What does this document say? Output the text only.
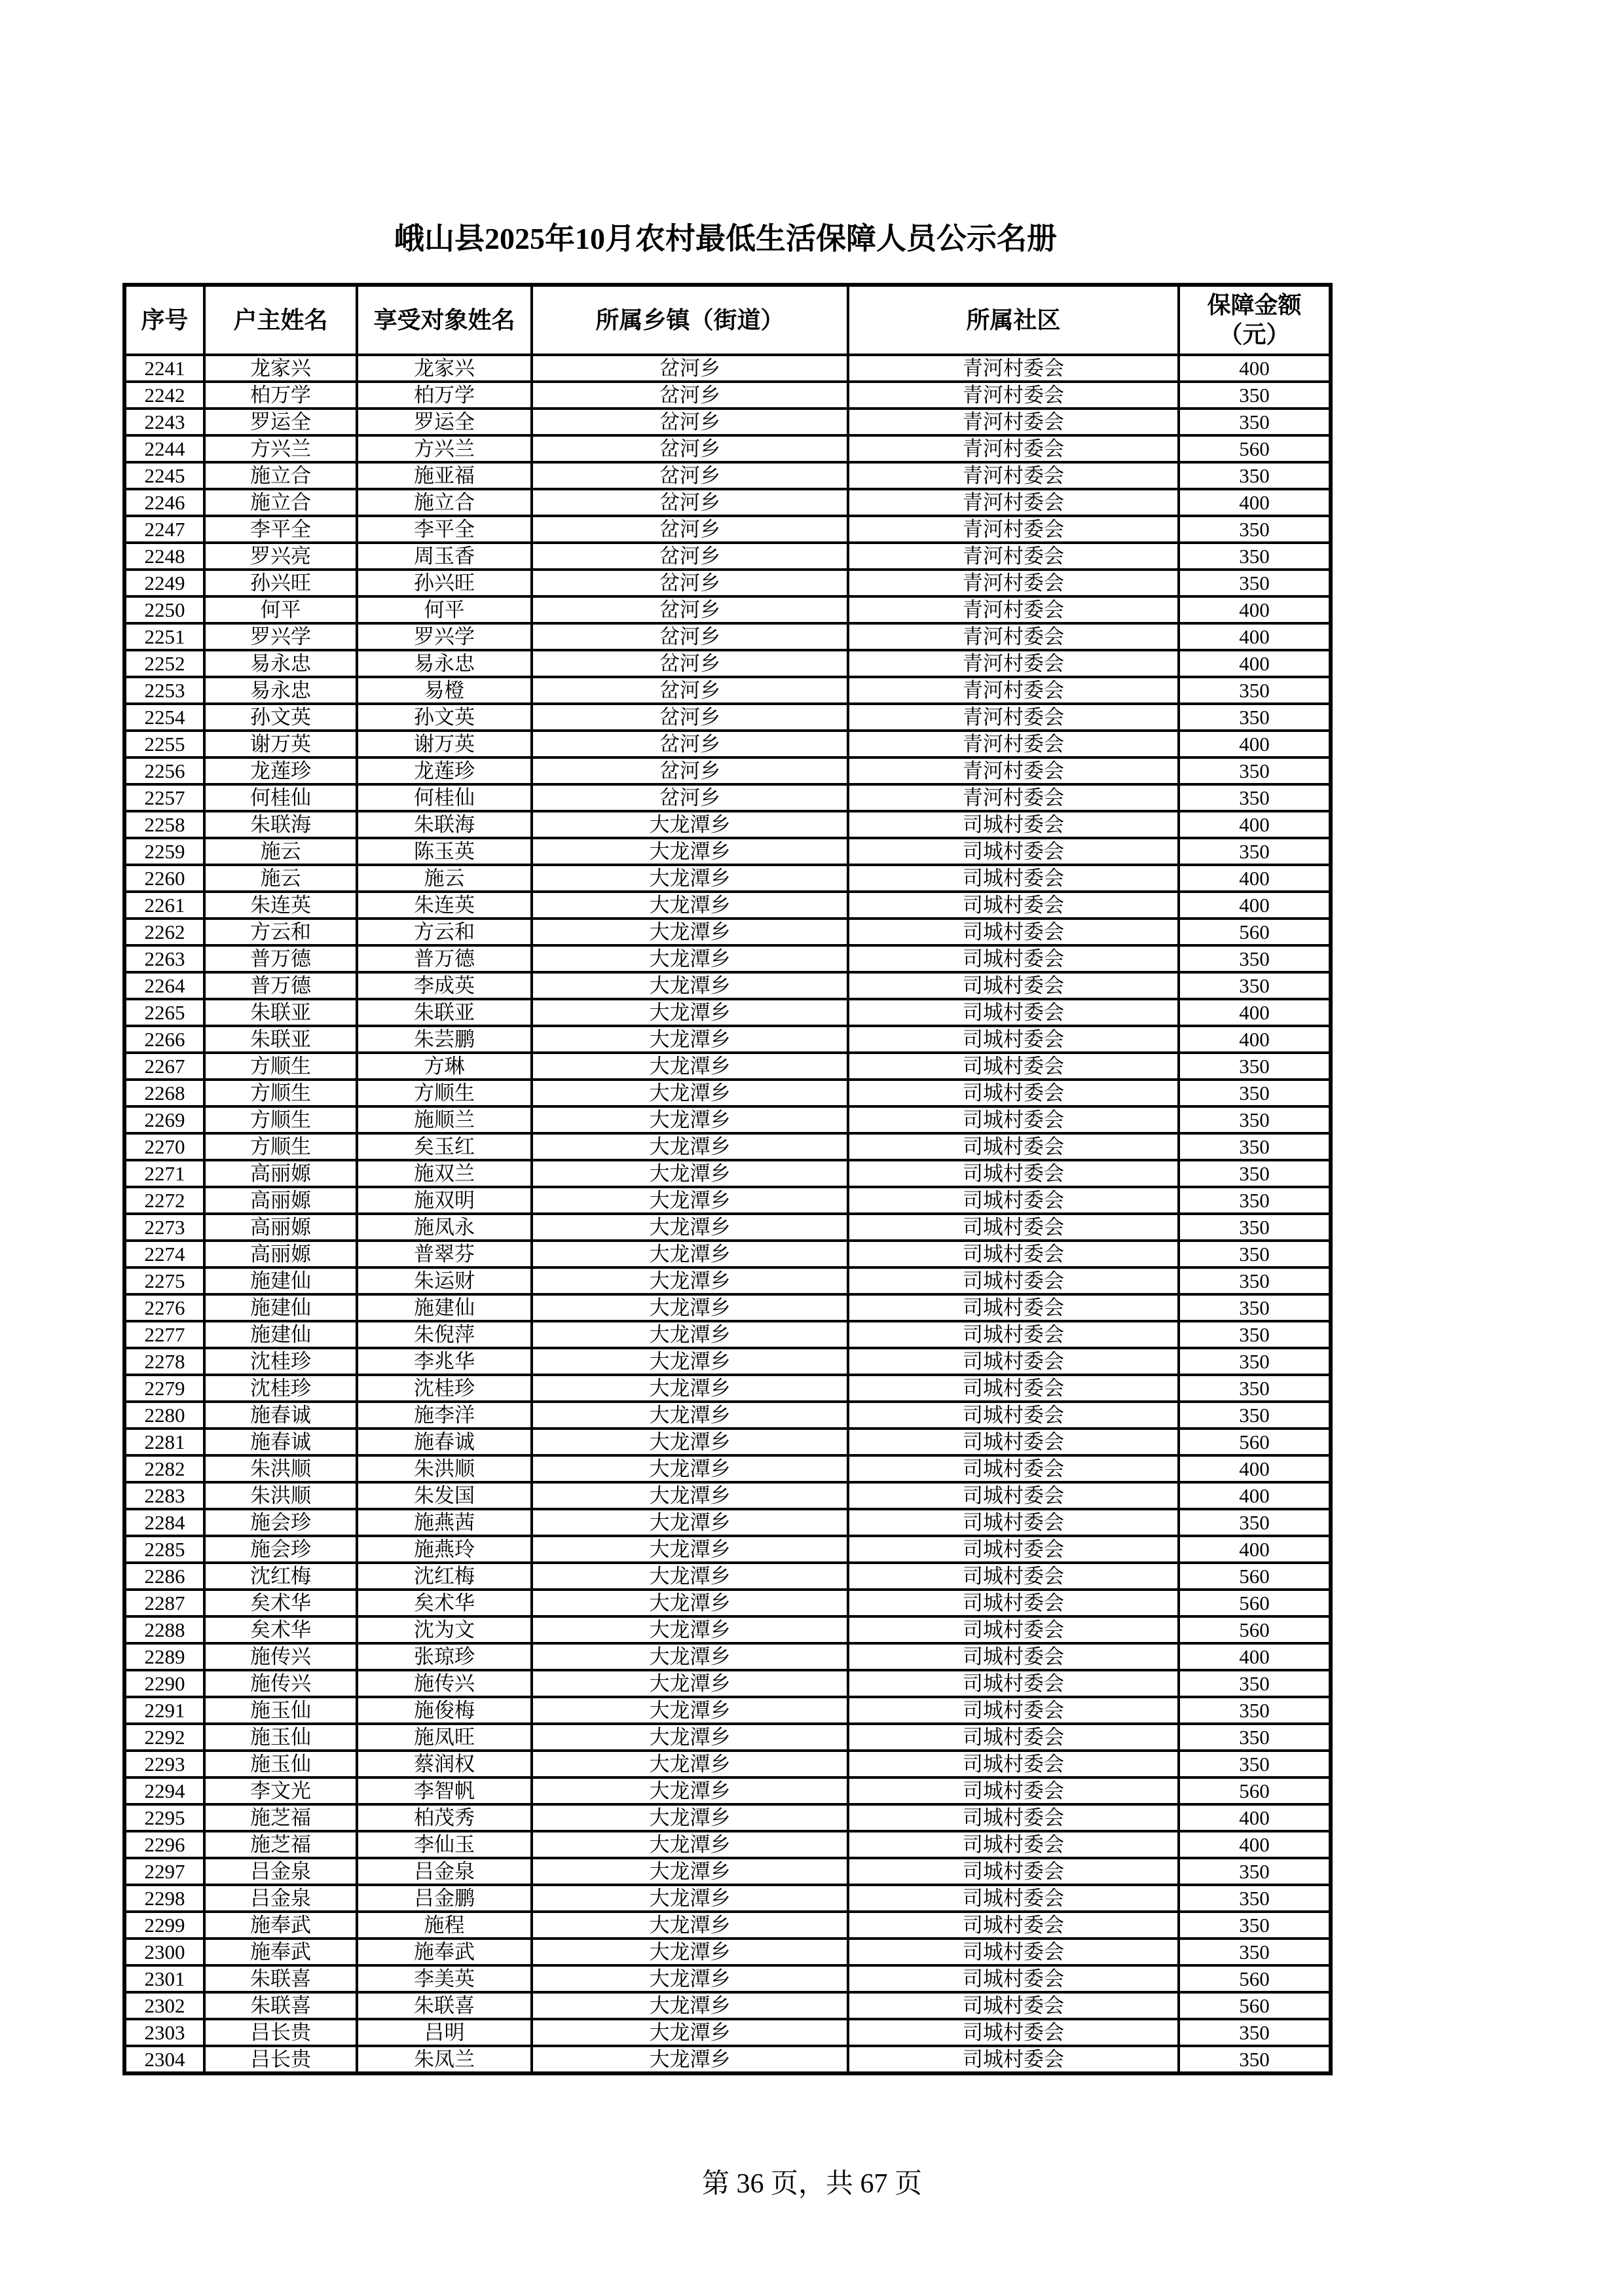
峨山县2025年10月农村最低生活保障人员公示名册
序号	户主姓名	享受对象姓名	所属乡镇（街道）	所属社区	保障金额
（元）

2241	龙家兴	龙家兴	岔河乡	青河村委会	400
2242	柏万学	柏万学	岔河乡	青河村委会	350
2243	罗运全	罗运全	岔河乡	青河村委会	350
2244	方兴兰	方兴兰	岔河乡	青河村委会	560
2245	施立合	施亚福	岔河乡	青河村委会	350
2246	施立合	施立合	岔河乡	青河村委会	400
2247	李平全	李平全	岔河乡	青河村委会	350
2248	罗兴亮	周玉香	岔河乡	青河村委会	350
2249	孙兴旺	孙兴旺	岔河乡	青河村委会	350
2250	何平	何平	岔河乡	青河村委会	400
2251	罗兴学	罗兴学	岔河乡	青河村委会	400
2252	易永忠	易永忠	岔河乡	青河村委会	400
2253	易永忠	易橙	岔河乡	青河村委会	350
2254	孙文英	孙文英	岔河乡	青河村委会	350
2255	谢万英	谢万英	岔河乡	青河村委会	400
2256	龙莲珍	龙莲珍	岔河乡	青河村委会	350
2257	何桂仙	何桂仙	岔河乡	青河村委会	350
2258	朱联海	朱联海	大龙潭乡	司城村委会	400
2259	施云	陈玉英	大龙潭乡	司城村委会	350
2260	施云	施云	大龙潭乡	司城村委会	400
2261	朱连英	朱连英	大龙潭乡	司城村委会	400
2262	方云和	方云和	大龙潭乡	司城村委会	560
2263	普万德	普万德	大龙潭乡	司城村委会	350
2264	普万德	李成英	大龙潭乡	司城村委会	350
2265	朱联亚	朱联亚	大龙潭乡	司城村委会	400
2266	朱联亚	朱芸鹏	大龙潭乡	司城村委会	400
2267	方顺生	方琳	大龙潭乡	司城村委会	350
2268	方顺生	方顺生	大龙潭乡	司城村委会	350
2269	方顺生	施顺兰	大龙潭乡	司城村委会	350
2270	方顺生	矣玉红	大龙潭乡	司城村委会	350
2271	高丽嫄	施双兰	大龙潭乡	司城村委会	350
2272	高丽嫄	施双明	大龙潭乡	司城村委会	350
2273	高丽嫄	施凤永	大龙潭乡	司城村委会	350
2274	高丽嫄	普翠芬	大龙潭乡	司城村委会	350
2275	施建仙	朱运财	大龙潭乡	司城村委会	350
2276	施建仙	施建仙	大龙潭乡	司城村委会	350
2277	施建仙	朱倪萍	大龙潭乡	司城村委会	350
2278	沈桂珍	李兆华	大龙潭乡	司城村委会	350
2279	沈桂珍	沈桂珍	大龙潭乡	司城村委会	350
2280	施春诚	施李洋	大龙潭乡	司城村委会	350
2281	施春诚	施春诚	大龙潭乡	司城村委会	560
2282	朱洪顺	朱洪顺	大龙潭乡	司城村委会	400
2283	朱洪顺	朱发国	大龙潭乡	司城村委会	400
2284	施会珍	施燕茜	大龙潭乡	司城村委会	350
2285	施会珍	施燕玲	大龙潭乡	司城村委会	400
2286	沈红梅	沈红梅	大龙潭乡	司城村委会	560
2287	矣术华	矣术华	大龙潭乡	司城村委会	560
2288	矣术华	沈为文	大龙潭乡	司城村委会	560
2289	施传兴	张琼珍	大龙潭乡	司城村委会	400
2290	施传兴	施传兴	大龙潭乡	司城村委会	350
2291	施玉仙	施俊梅	大龙潭乡	司城村委会	350
2292	施玉仙	施凤旺	大龙潭乡	司城村委会	350
2293	施玉仙	蔡润权	大龙潭乡	司城村委会	350
2294	李文光	李智帆	大龙潭乡	司城村委会	560
2295	施芝福	柏茂秀	大龙潭乡	司城村委会	400
2296	施芝福	李仙玉	大龙潭乡	司城村委会	400
2297	吕金泉	吕金泉	大龙潭乡	司城村委会	350
2298	吕金泉	吕金鹏	大龙潭乡	司城村委会	350
2299	施奉武	施程	大龙潭乡	司城村委会	350
2300	施奉武	施奉武	大龙潭乡	司城村委会	350
2301	朱联喜	李美英	大龙潭乡	司城村委会	560
2302	朱联喜	朱联喜	大龙潭乡	司城村委会	560
2303	吕长贵	吕明	大龙潭乡	司城村委会	350
2304	吕长贵	朱凤兰	大龙潭乡	司城村委会	350
第 36 页，共 67 页
